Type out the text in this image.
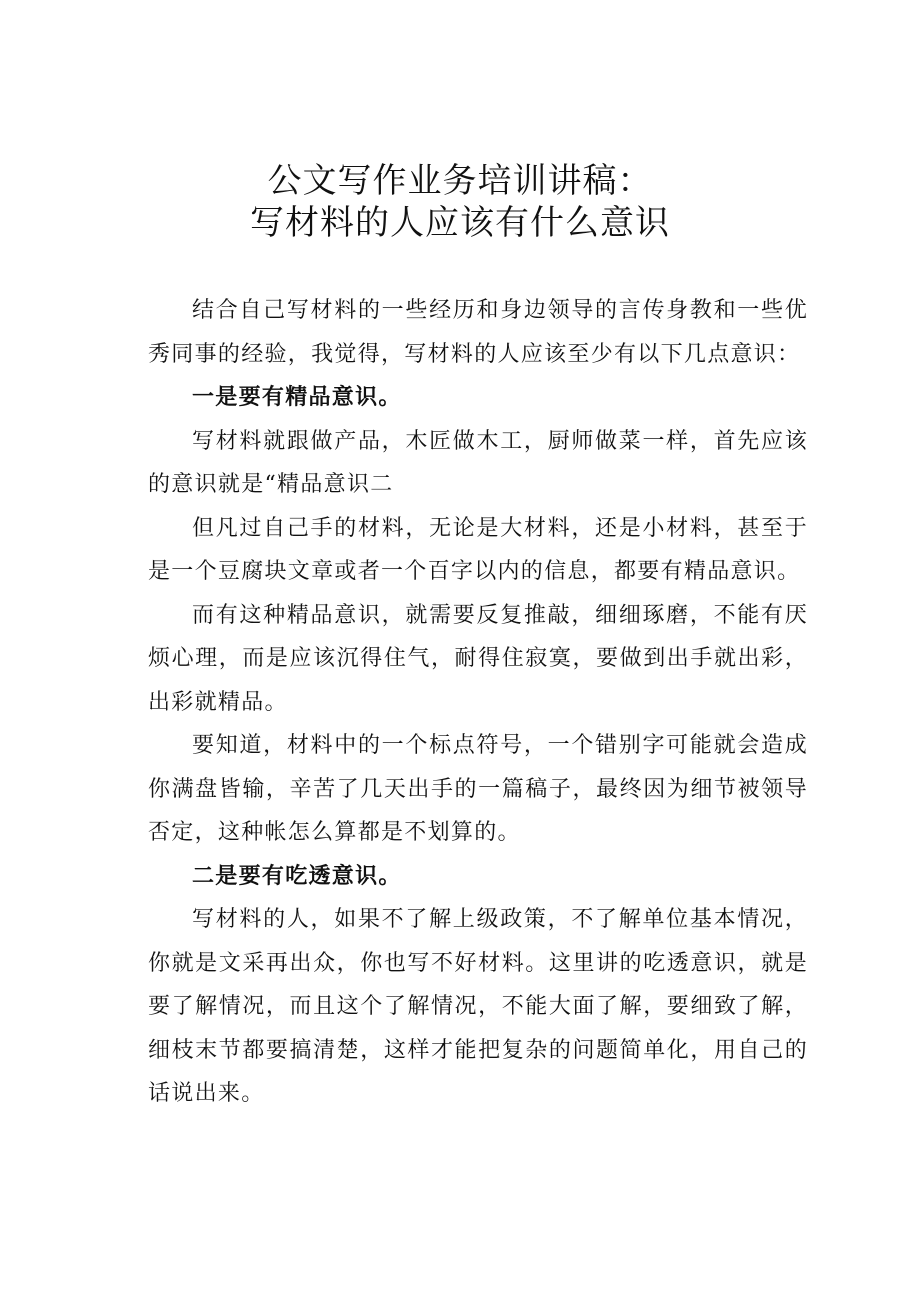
公文写作业务培训讲稿：
写材料的人应该有什么意识

结合自己写材料的一些经历和身边领导的言传身教和一些优秀同事的经验，我觉得，写材料的人应该至少有以下几点意识：

一是要有精品意识。

写材料就跟做产品，木匠做木工，厨师做菜一样，首先应该的意识就是“精品意识二

但凡过自己手的材料，无论是大材料，还是小材料，甚至于是一个豆腐块文章或者一个百字以内的信息，都要有精品意识。

而有这种精品意识，就需要反复推敲，细细琢磨，不能有厌烦心理，而是应该沉得住气，耐得住寂寞，要做到出手就出彩，出彩就精品。

要知道，材料中的一个标点符号，一个错别字可能就会造成你满盘皆输，辛苦了几天出手的一篇稿子，最终因为细节被领导否定，这种帐怎么算都是不划算的。

二是要有吃透意识。

写材料的人，如果不了解上级政策，不了解单位基本情况，你就是文采再出众，你也写不好材料。这里讲的吃透意识，就是要了解情况，而且这个了解情况，不能大面了解，要细致了解，细枝末节都要搞清楚，这样才能把复杂的问题简单化，用自己的话说出来。
